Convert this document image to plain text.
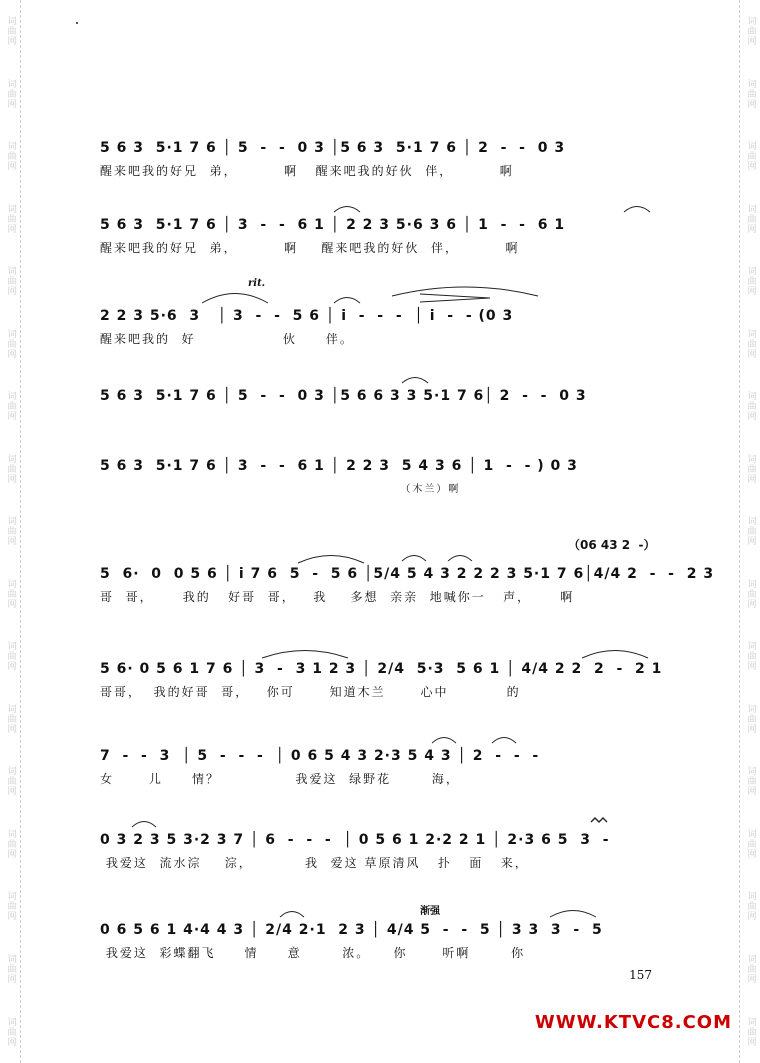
词曲网
词曲网
词曲网
词曲网
词曲网
词曲网
词曲网
词曲网
词曲网
词曲网
词曲网
词曲网
词曲网
词曲网
词曲网
词曲网
词曲网
词曲网
词曲网
词曲网
词曲网
词曲网
词曲网
词曲网
词曲网
词曲网
词曲网
词曲网
词曲网
词曲网
词曲网
词曲网
词曲网
词曲网
5 6 3  5·1 7 6 │ 5  -  -  0 3 │5 6 3  5·1 7 6 │ 2  -  -  0 3
醒来吧我的好兄  弟，        啊   醒来吧我的好伙  伴，        啊
5 6 3  5·1 7 6 │ 3  -  -  6 1 │ 2 2 3 5·6 3 6 │ 1  -  -  6 1
醒来吧我的好兄  弟，        啊    醒来吧我的好伙  伴，        啊
rit.
2 2 3 5·6  3   │ 3  -  -  5 6 │ i  -  -  -  │ i  -  - (0 3
醒来吧我的  好               伙     伴。
5 6 3  5·1 7 6 │ 5  -  -  0 3 │5 6 6 3 3 5·1 7 6│ 2  -  -  0 3
5 6 3  5·1 7 6 │ 3  -  -  6 1 │ 2 2 3  5 4 3 6 │ 1  -  - ) 0 3
（木兰）啊
（06 43 2  -）
5  6·  0  0 5 6 │ i 7 6  5  -  5 6 │5/4 5 4 3 2 2 2 3 5·1 7 6│4/4 2  -  -  2 3
哥  哥，     我的   好哥  哥，   我    多想  亲亲  地喊你一   声，     啊
5 6· 0 5 6 1 7 6 │ 3  -  3 1 2 3 │ 2/4  5·3  5 6 1 │ 4/4 2 2  2  -  2 1
哥哥，  我的好哥  哥，   你可      知道木兰      心中          的
7  -  -  3  │ 5  -  -  -  │ 0 6 5 4 3 2·3 5 4 3 │ 2  -  -  -
女      儿     情？             我爱这  绿野花       海，
0 3 2 3 5 3·2 3 7 │ 6  -  -  -  │ 0 5 6 1 2·2 2 1 │ 2·3 6 5  3  -
我爱这  流水淙    淙，         我  爱这 草原清风   扑   面   来，
渐强
0 6 5 6 1 4·4 4 3 │ 2/4 2·1  2 3 │ 4/4 5  -  -  5 │ 3 3  3  -  5
我爱这  彩蝶翻飞     情     意       浓。    你      听啊       你
157
WWW.KTVC8.COM
